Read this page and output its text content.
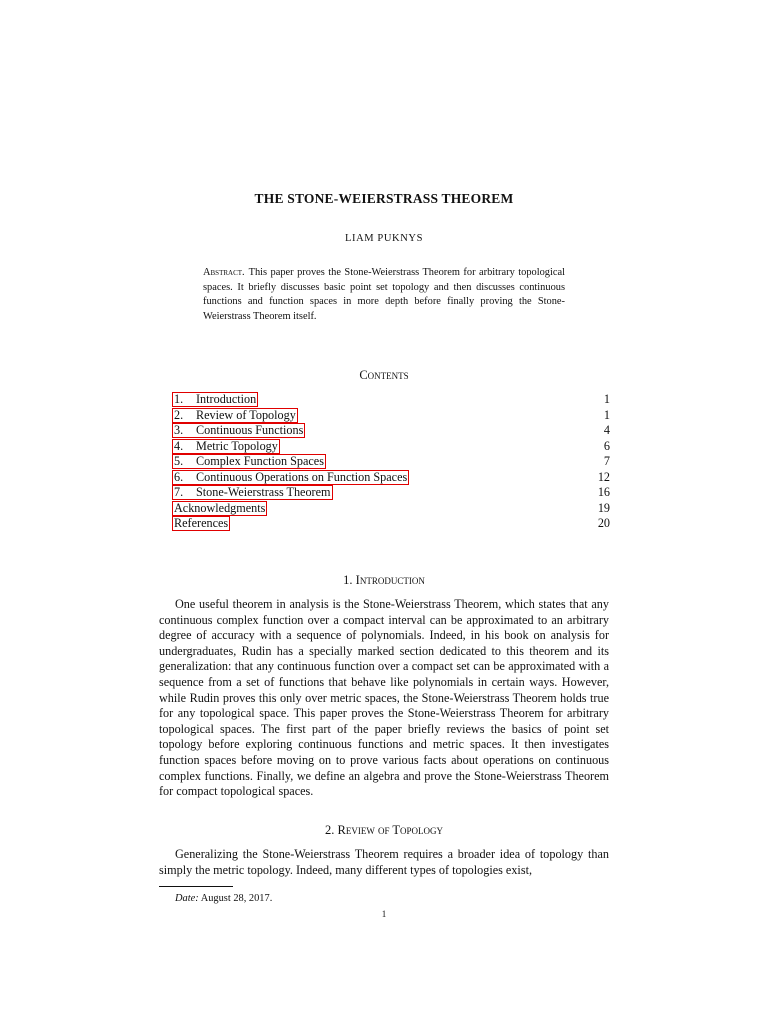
THE STONE-WEIERSTRASS THEOREM
LIAM PUKNYS
Abstract. This paper proves the Stone-Weierstrass Theorem for arbitrary topological spaces. It briefly discusses basic point set topology and then discusses continuous functions and function spaces in more depth before finally proving the Stone-Weierstrass Theorem itself.
Contents
1. Introduction	1
2. Review of Topology	1
3. Continuous Functions	4
4. Metric Topology	6
5. Complex Function Spaces	7
6. Continuous Operations on Function Spaces	12
7. Stone-Weierstrass Theorem	16
Acknowledgments	19
References	20
1. Introduction

One useful theorem in analysis is the Stone-Weierstrass Theorem, which states that any continuous complex function over a compact interval can be approximated to an arbitrary degree of accuracy with a sequence of polynomials. Indeed, in his book on analysis for undergraduates, Rudin has a specially marked section dedicated to this theorem and its generalization: that any continuous function over a compact set can be approximated with a sequence from a set of functions that behave like polynomials in certain ways. However, while Rudin proves this only over metric spaces, the Stone-Weierstrass Theorem holds true for any topological space. This paper proves the Stone-Weierstrass Theorem for arbitrary topological spaces. The first part of the paper briefly reviews the basics of point set topology before exploring continuous functions and metric spaces. It then investigates function spaces before moving on to prove various facts about operations on continuous complex functions. Finally, we define an algebra and prove the Stone-Weierstrass Theorem for compact topological spaces.

2. Review of Topology

Generalizing the Stone-Weierstrass Theorem requires a broader idea of topology than simply the metric topology. Indeed, many different types of topologies exist,

Date: August 28, 2017.
1
